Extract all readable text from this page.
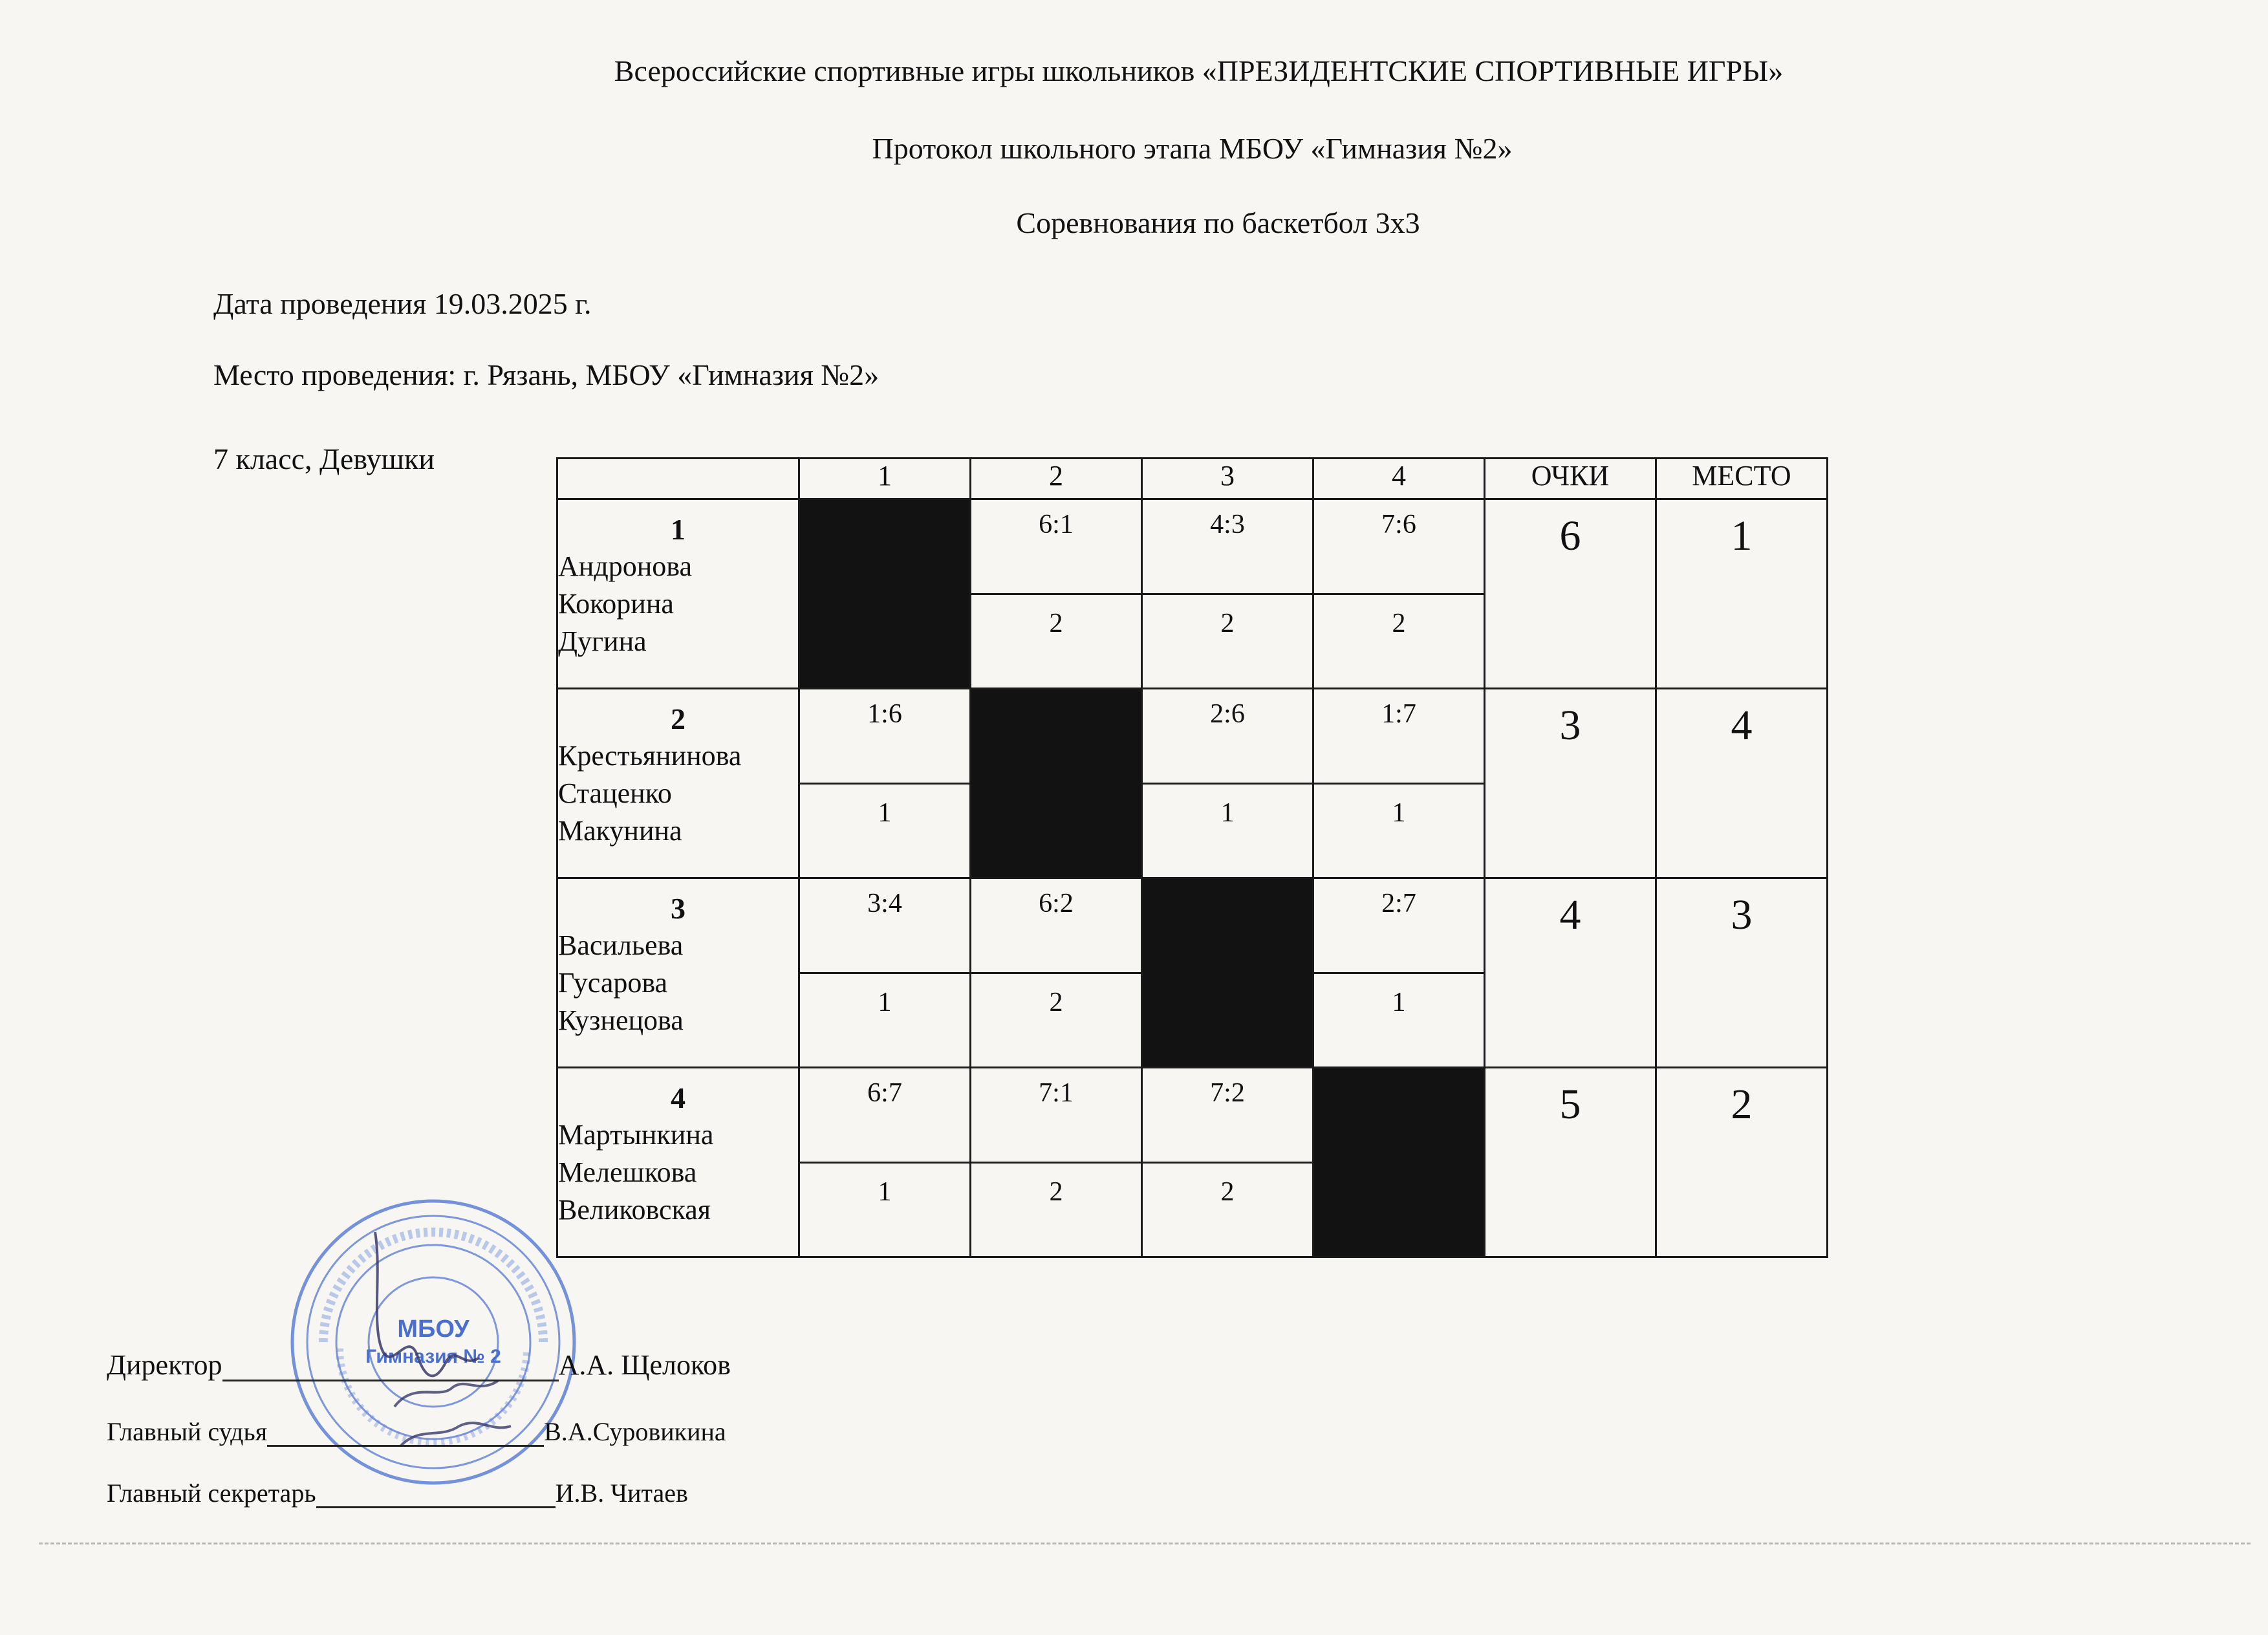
Всероссийские спортивные игры школьников «ПРЕЗИДЕНТСКИЕ СПОРТИВНЫЕ ИГРЫ»
Протокол школьного этапа МБОУ «Гимназия №2»
Соревнования по баскетбол 3х3
Дата проведения 19.03.2025 г.
Место проведения: г. Рязань, МБОУ «Гимназия №2»
7 класс, Девушки
	1	2	3	4	ОЧКИ	МЕСТО

1
Андронова
Кокорина
Дугина		6:1	4:3	7:6	6	1
		2	2	2		

2
Крестьянинова
Стаценко
Макунина	1:6		2:6	1:7	3	4
	1		1	1		

3
Васильева
Гусарова
Кузнецова	3:4	6:2		2:7	4	3
	1	2		1		

4
Мартынкина
Мелешкова
Великовская	6:7	7:1	7:2		5	2
	1	2	2			
МБОУ
Гимназия № 2
Директор	А.А. Щелоков
Главный судья	В.А.Суровикина
Главный секретарь	И.В. Читаев
